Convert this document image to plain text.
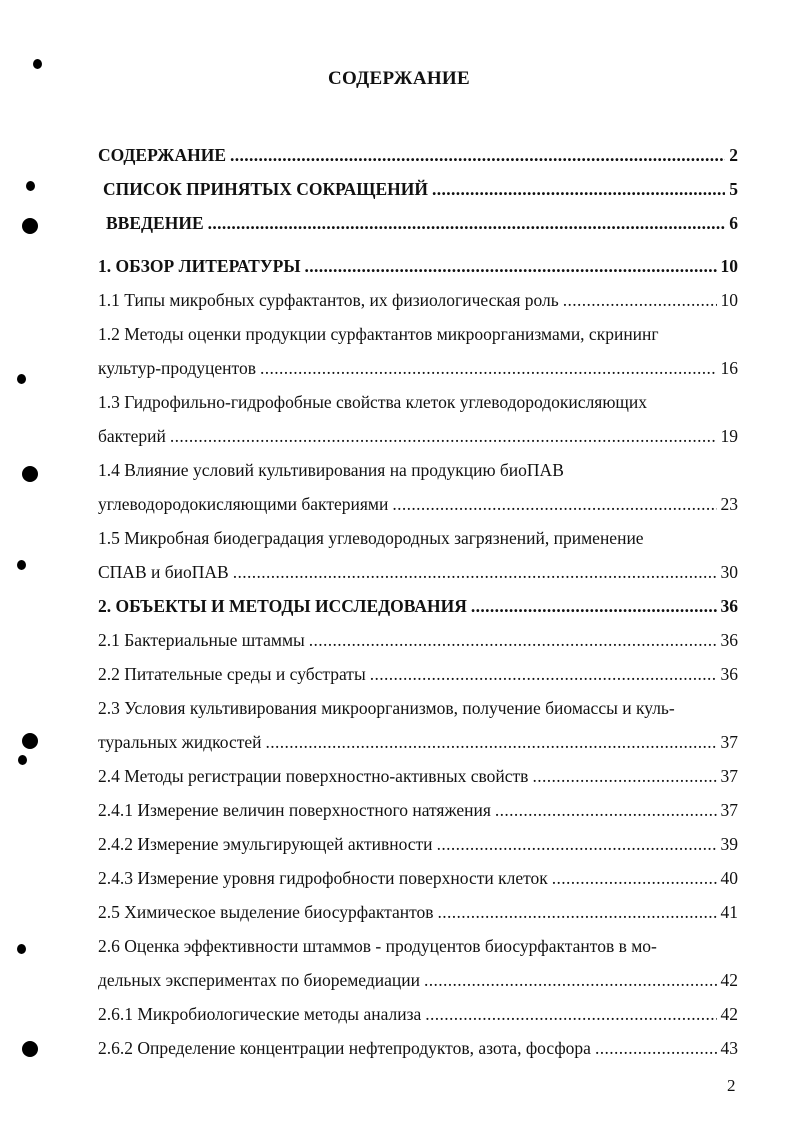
СОДЕРЖАНИЕ
СОДЕРЖАНИЕ . . .	2
СПИСОК ПРИНЯТЫХ СОКРАЩЕНИЙ . . .	5
ВВЕДЕНИЕ . . .	6
1. ОБЗОР ЛИТЕРАТУРЫ . . .	10
1.1 Типы микробных сурфактантов, их физиологическая роль . . .	10
1.2 Методы оценки продукции сурфактантов микроорганизмами, скрининг
культур-продуцентов . . .	16
1.3 Гидрофильно-гидрофобные свойства клеток углеводородокисляющих
бактерий . . .	19
1.4 Влияние условий культивирования на продукцию биоПАВ
углеводородокисляющими бактериями . . .	23
1.5 Микробная биодеградация углеводородных загрязнений, применение
СПАВ и биоПАВ . . .	30
2. ОБЪЕКТЫ И МЕТОДЫ ИССЛЕДОВАНИЯ . . .	36
2.1 Бактериальные штаммы . . .	36
2.2 Питательные среды и субстраты . . .	36
2.3 Условия культивирования микроорганизмов, получение биомассы и куль-
туральных жидкостей . . .	37
2.4 Методы регистрации поверхностно-активных свойств . . .	37
2.4.1 Измерение величин поверхностного натяжения . . .	37
2.4.2 Измерение эмульгирующей активности . . .	39
2.4.3 Измерение уровня гидрофобности поверхности клеток . . .	40
2.5 Химическое выделение биосурфактантов . . .	41
2.6 Оценка эффективности штаммов - продуцентов биосурфактантов в мо-
дельных экспериментах по биоремедиации . . .	42
2.6.1 Микробиологические методы анализа . . .	42
2.6.2 Определение концентрации нефтепродуктов, азота, фосфора . . .	43
2
